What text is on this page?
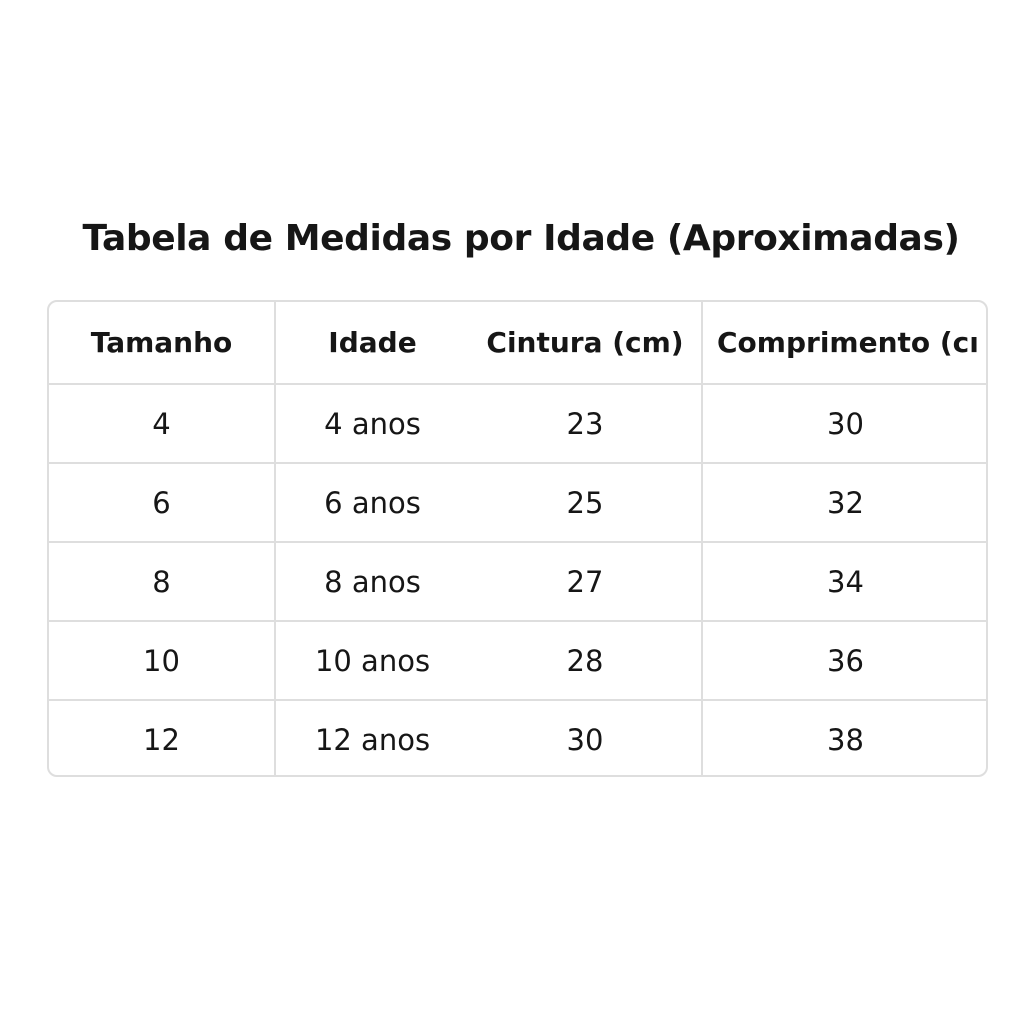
Tabela de Medidas por Idade (Aproximadas)
Tamanho	Idade	Cintura (cm)	Comprimento (cı
4	4 anos	23	30
6	6 anos	25	32
8	8 anos	27	34
10	10 anos	28	36
12	12 anos	30	38
